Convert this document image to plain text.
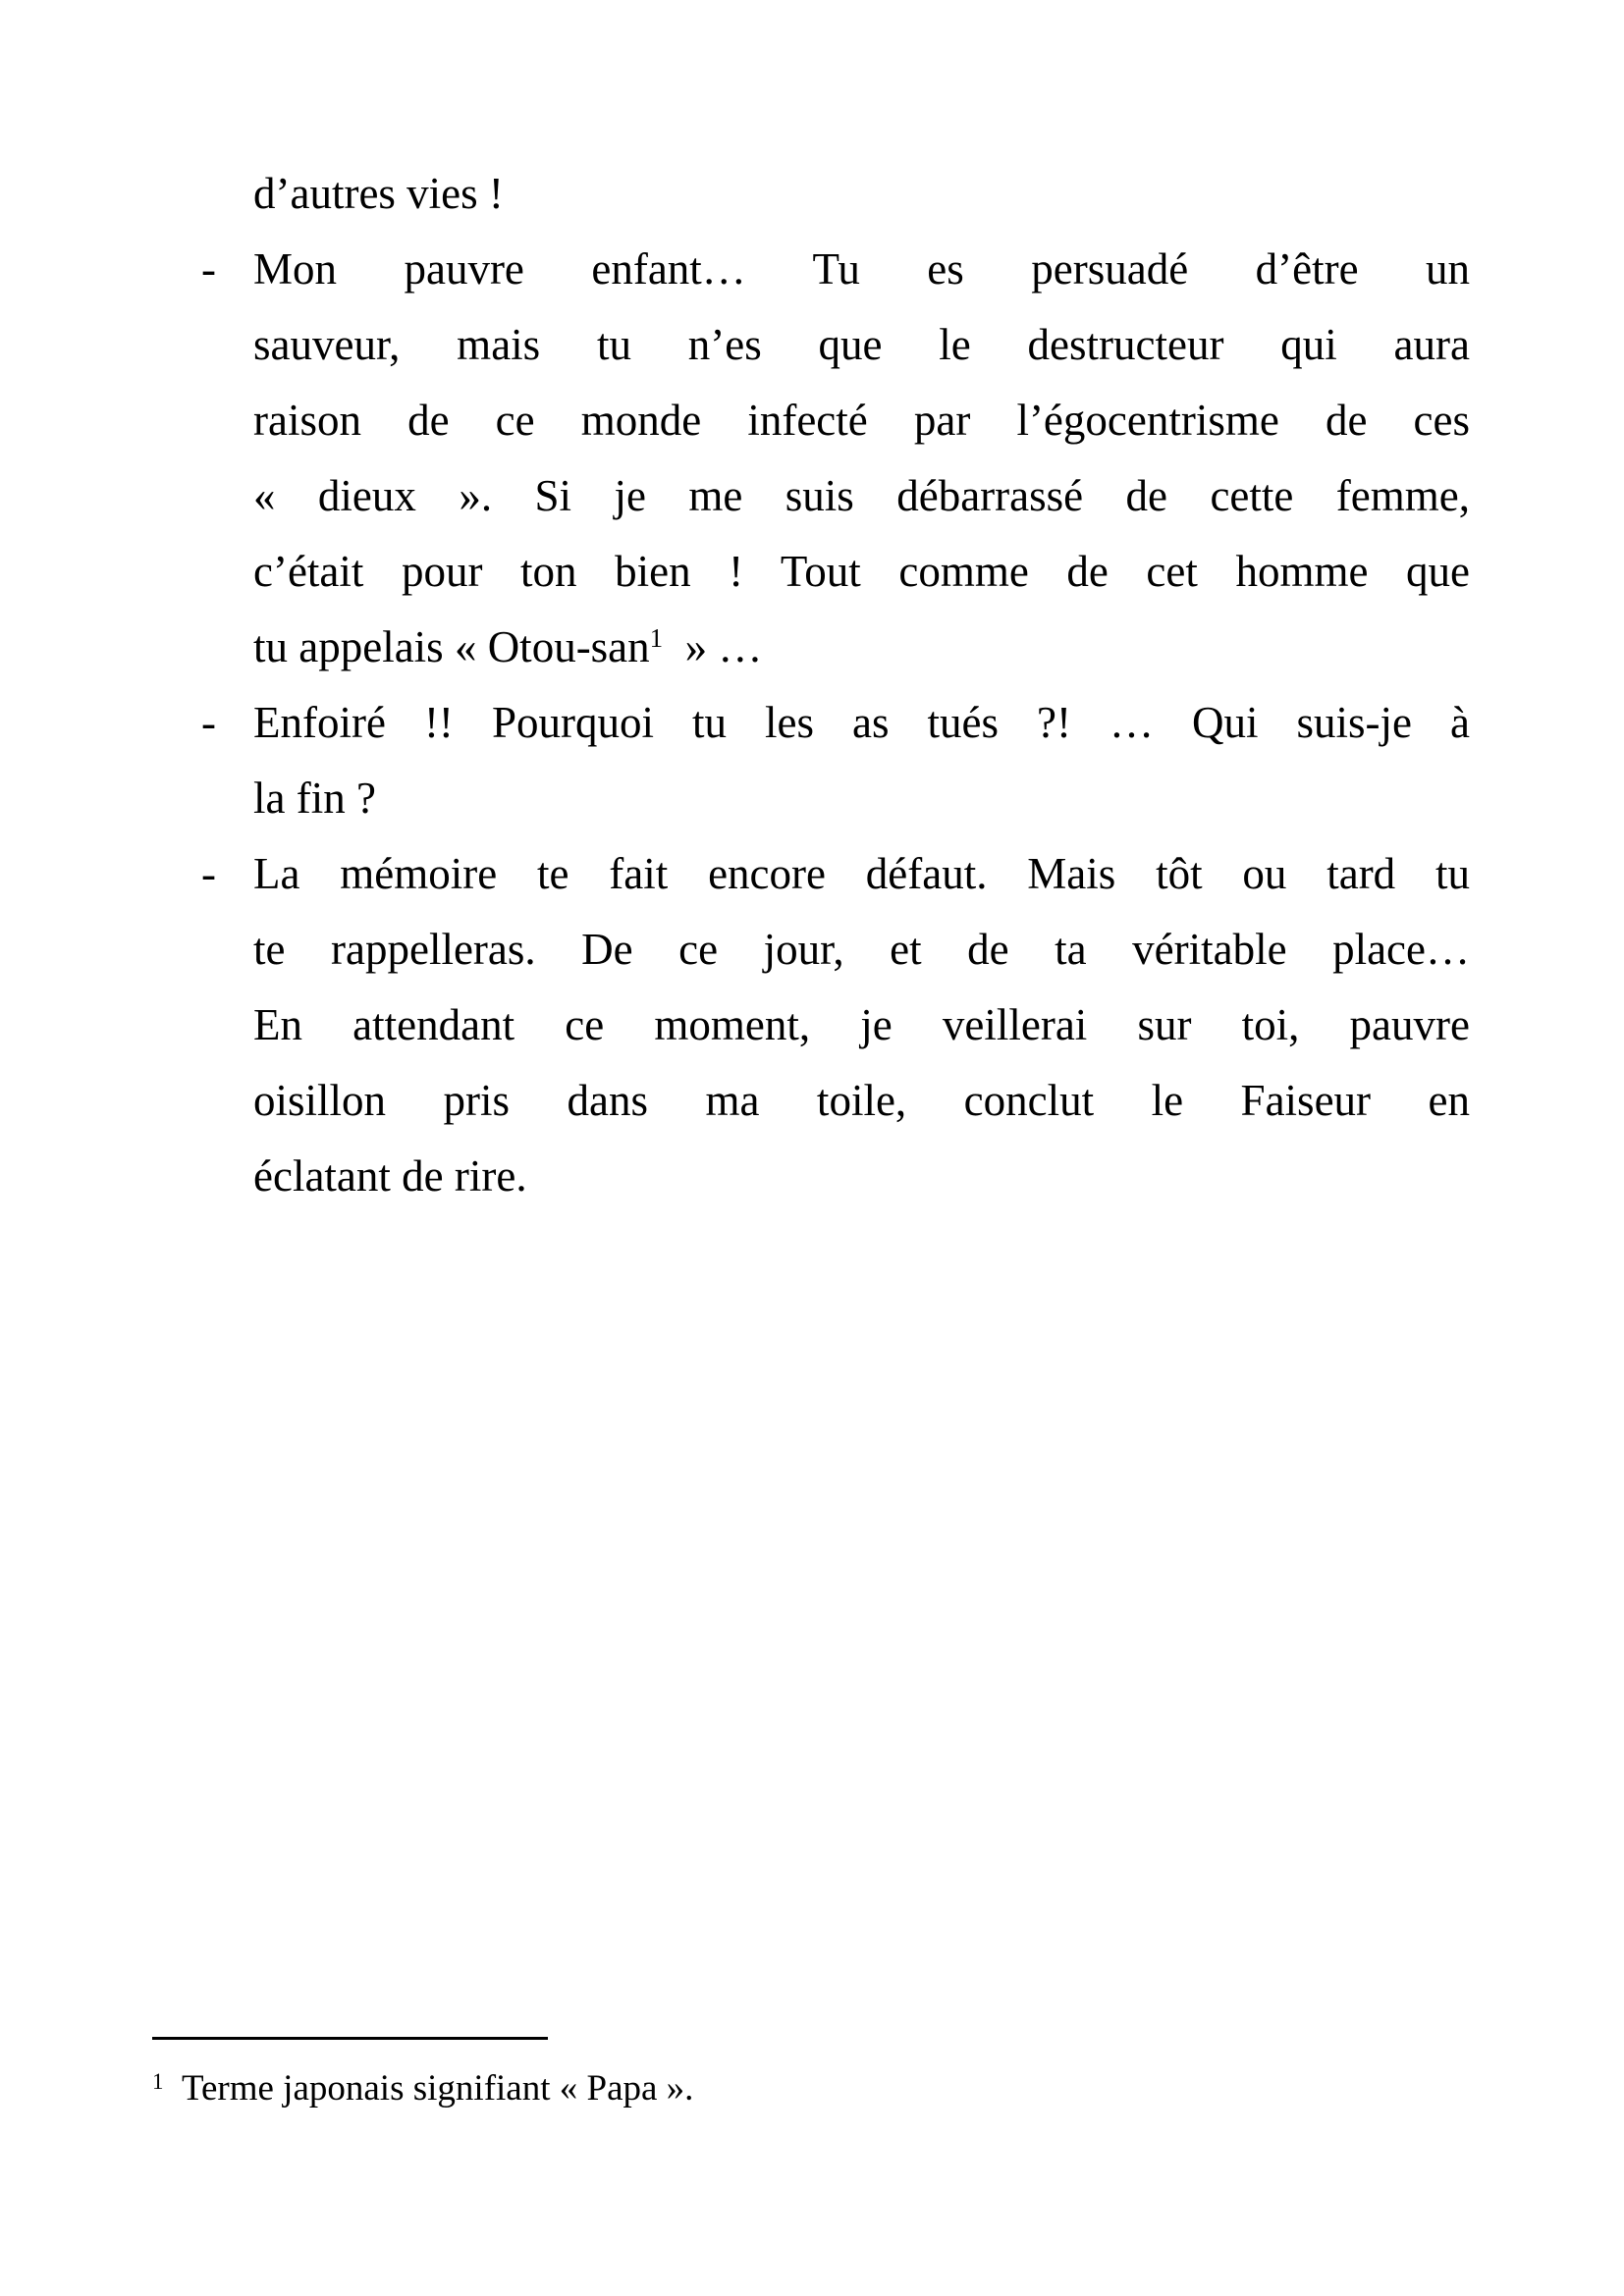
d’autres vies !
- Mon pauvre enfant… Tu es persuadé d’être un
sauveur, mais tu n’es que le destructeur qui aura
raison de ce monde infecté par l’égocentrisme de ces
« dieux ». Si je me suis débarrassé de cette femme,
c’était pour ton bien ! Tout comme de cet homme que
tu appelais « Otou-san$^1$  » …
- Enfoiré !! Pourquoi tu les as tués ?! … Qui suis-je à
la fin ?
- La mémoire te fait encore défaut. Mais tôt ou tard tu
te rappelleras. De ce jour, et de ta véritable place…
En attendant ce moment, je veillerai sur toi, pauvre
oisillon pris dans ma toile, conclut le Faiseur en
éclatant de rire.
$^1$  Terme japonais signifiant « Papa ».
